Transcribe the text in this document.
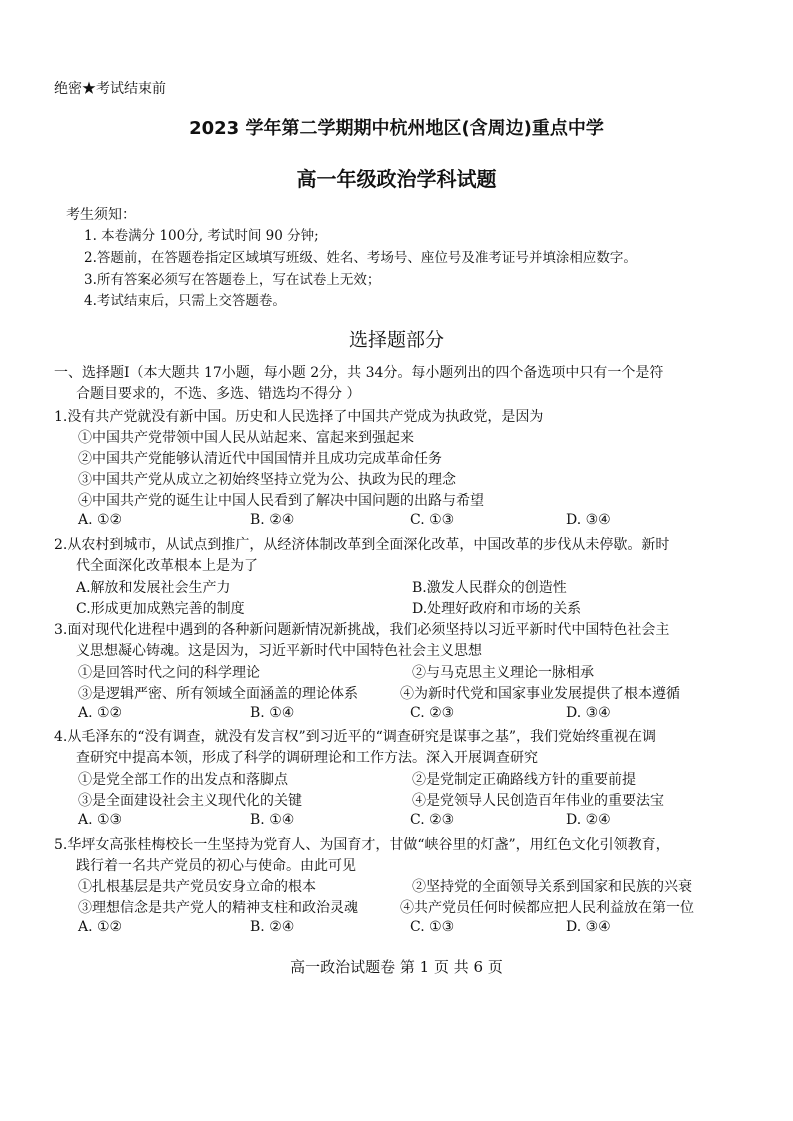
绝密★考试结束前
2023 学年第二学期期中杭州地区(含周边)重点中学
高一年级政治学科试题
考生须知：
1. 本卷满分 100分, 考试时间 90 分钟;
2.答题前，在答题卷指定区域填写班级、姓名、考场号、座位号及准考证号并填涂相应数字。
3.所有答案必须写在答题卷上，写在试卷上无效；
4.考试结束后，只需上交答题卷。
选择题部分
一、选择题Ⅰ（本大题共 17小题，每小题 2分，共 34分。每小题列出的四个备选项中只有一个是符
合题目要求的，不选、多选、错选均不得分 ）
1.没有共产党就没有新中国。历史和人民选择了中国共产党成为执政党，是因为
①中国共产党带领中国人民从站起来、富起来到强起来
②中国共产党能够认清近代中国国情并且成功完成革命任务
③中国共产党从成立之初始终坚持立党为公、执政为民的理念
④中国共产党的诞生让中国人民看到了解决中国问题的出路与希望
A. ①②	B. ②④	C. ①③	D. ③④
2.从农村到城市，从试点到推广，从经济体制改革到全面深化改革，中国改革的步伐从未停歇。新时
代全面深化改革根本上是为了
A.解放和发展社会生产力	B.激发人民群众的创造性
C.形成更加成熟完善的制度	D.处理好政府和市场的关系
3.面对现代化进程中遇到的各种新问题新情况新挑战，我们必须坚持以习近平新时代中国特色社会主
义思想凝心铸魂。这是因为，习近平新时代中国特色社会主义思想
①是回答时代之问的科学理论	②与马克思主义理论一脉相承
③是逻辑严密、所有领域全面涵盖的理论体系	④为新时代党和国家事业发展提供了根本遵循
A. ①②	B. ①④	C. ②③	D. ③④
4.从毛泽东的“没有调查，就没有发言权”到习近平的“调查研究是谋事之基”，我们党始终重视在调
查研究中提高本领，形成了科学的调研理论和工作方法。深入开展调查研究
①是党全部工作的出发点和落脚点	②是党制定正确路线方针的重要前提
③是全面建设社会主义现代化的关键	④是党领导人民创造百年伟业的重要法宝
A. ①③	B. ①④	C. ②③	D. ②④
5.华坪女高张桂梅校长一生坚持为党育人、为国育才，甘做“峡谷里的灯盏”，用红色文化引领教育，
践行着一名共产党员的初心与使命。由此可见
①扎根基层是共产党员安身立命的根本	②坚持党的全面领导关系到国家和民族的兴衰
③理想信念是共产党人的精神支柱和政治灵魂	④共产党员任何时候都应把人民利益放在第一位
A. ①②	B. ②④	C. ①③	D. ③④
高一政治试题卷 第 1 页 共 6 页
